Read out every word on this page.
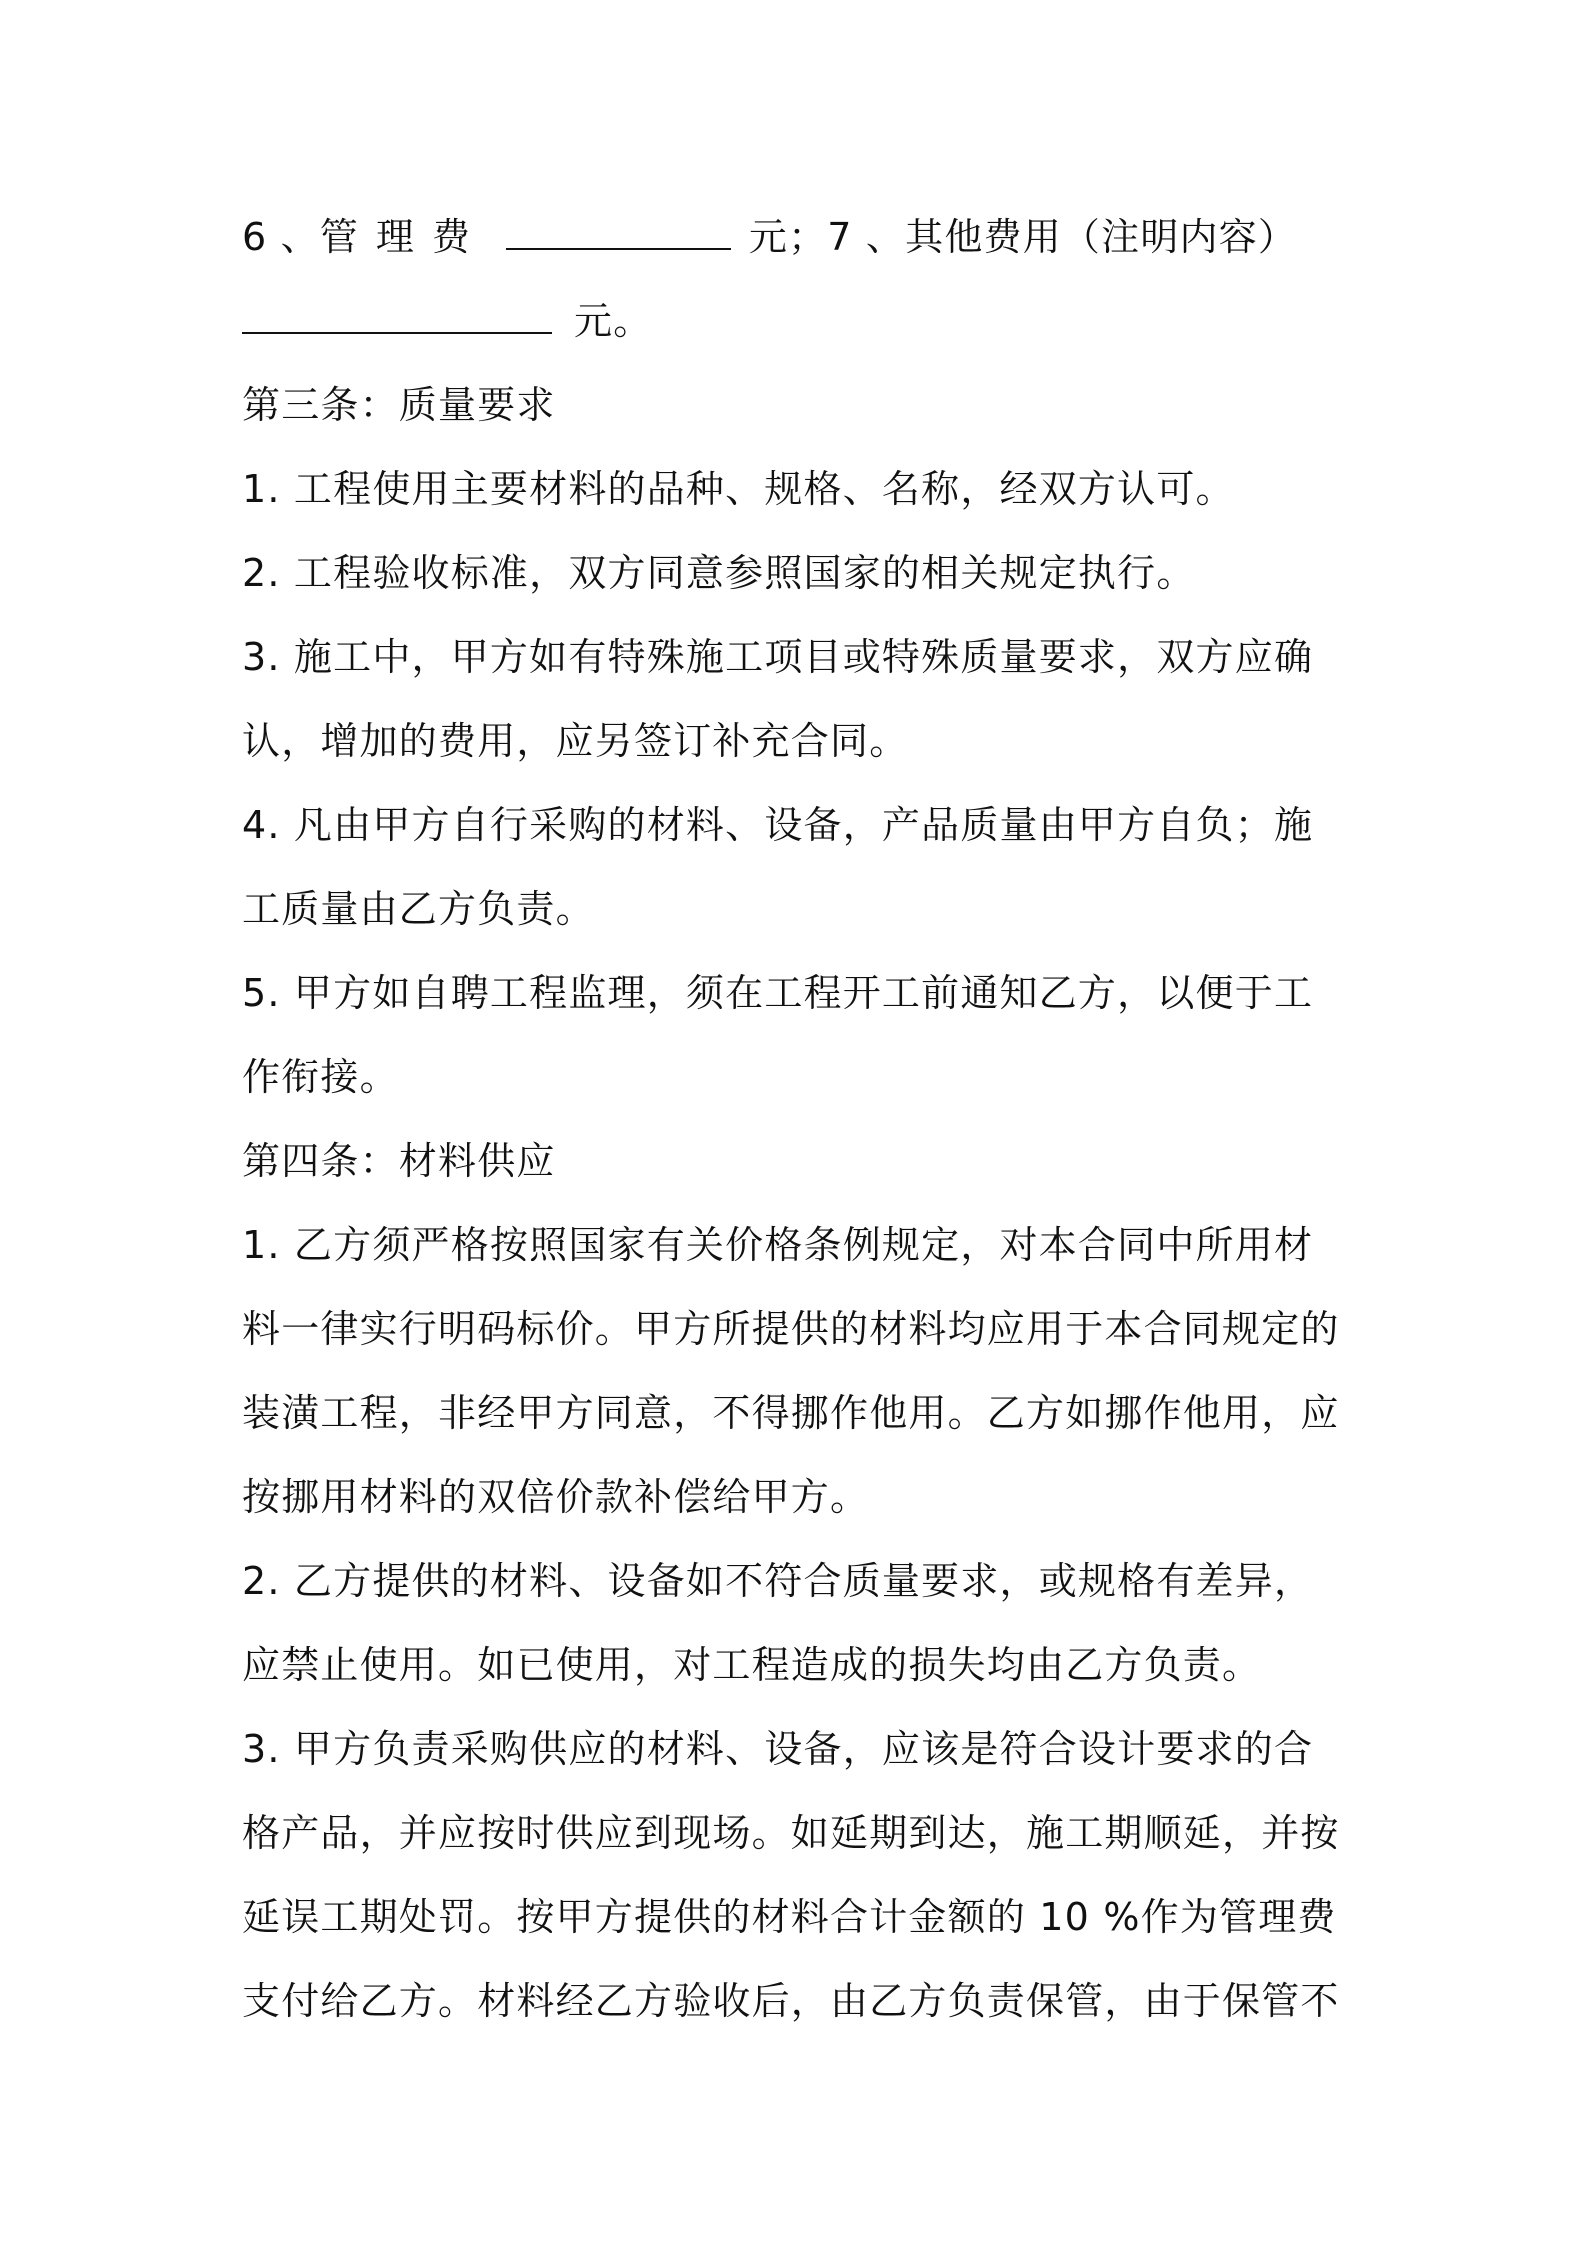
6 、管理费	元；7 、其他费用（注明内容）
元。
第三条：质量要求
1. 工程使用主要材料的品种、规格、名称，经双方认可。
2. 工程验收标准，双方同意参照国家的相关规定执行。
3. 施工中，甲方如有特殊施工项目或特殊质量要求，双方应确
认，增加的费用，应另签订补充合同。
4. 凡由甲方自行采购的材料、设备，产品质量由甲方自负；施
工质量由乙方负责。
5. 甲方如自聘工程监理，须在工程开工前通知乙方，以便于工
作衔接。
第四条：材料供应
1. 乙方须严格按照国家有关价格条例规定，对本合同中所用材
料一律实行明码标价。甲方所提供的材料均应用于本合同规定的
装潢工程，非经甲方同意，不得挪作他用。乙方如挪作他用，应
按挪用材料的双倍价款补偿给甲方。
2. 乙方提供的材料、设备如不符合质量要求，或规格有差异，
应禁止使用。如已使用，对工程造成的损失均由乙方负责。
3. 甲方负责采购供应的材料、设备，应该是符合设计要求的合
格产品，并应按时供应到现场。如延期到达，施工期顺延，并按
延误工期处罚。按甲方提供的材料合计金额的 10 %作为管理费
支付给乙方。材料经乙方验收后，由乙方负责保管，由于保管不
